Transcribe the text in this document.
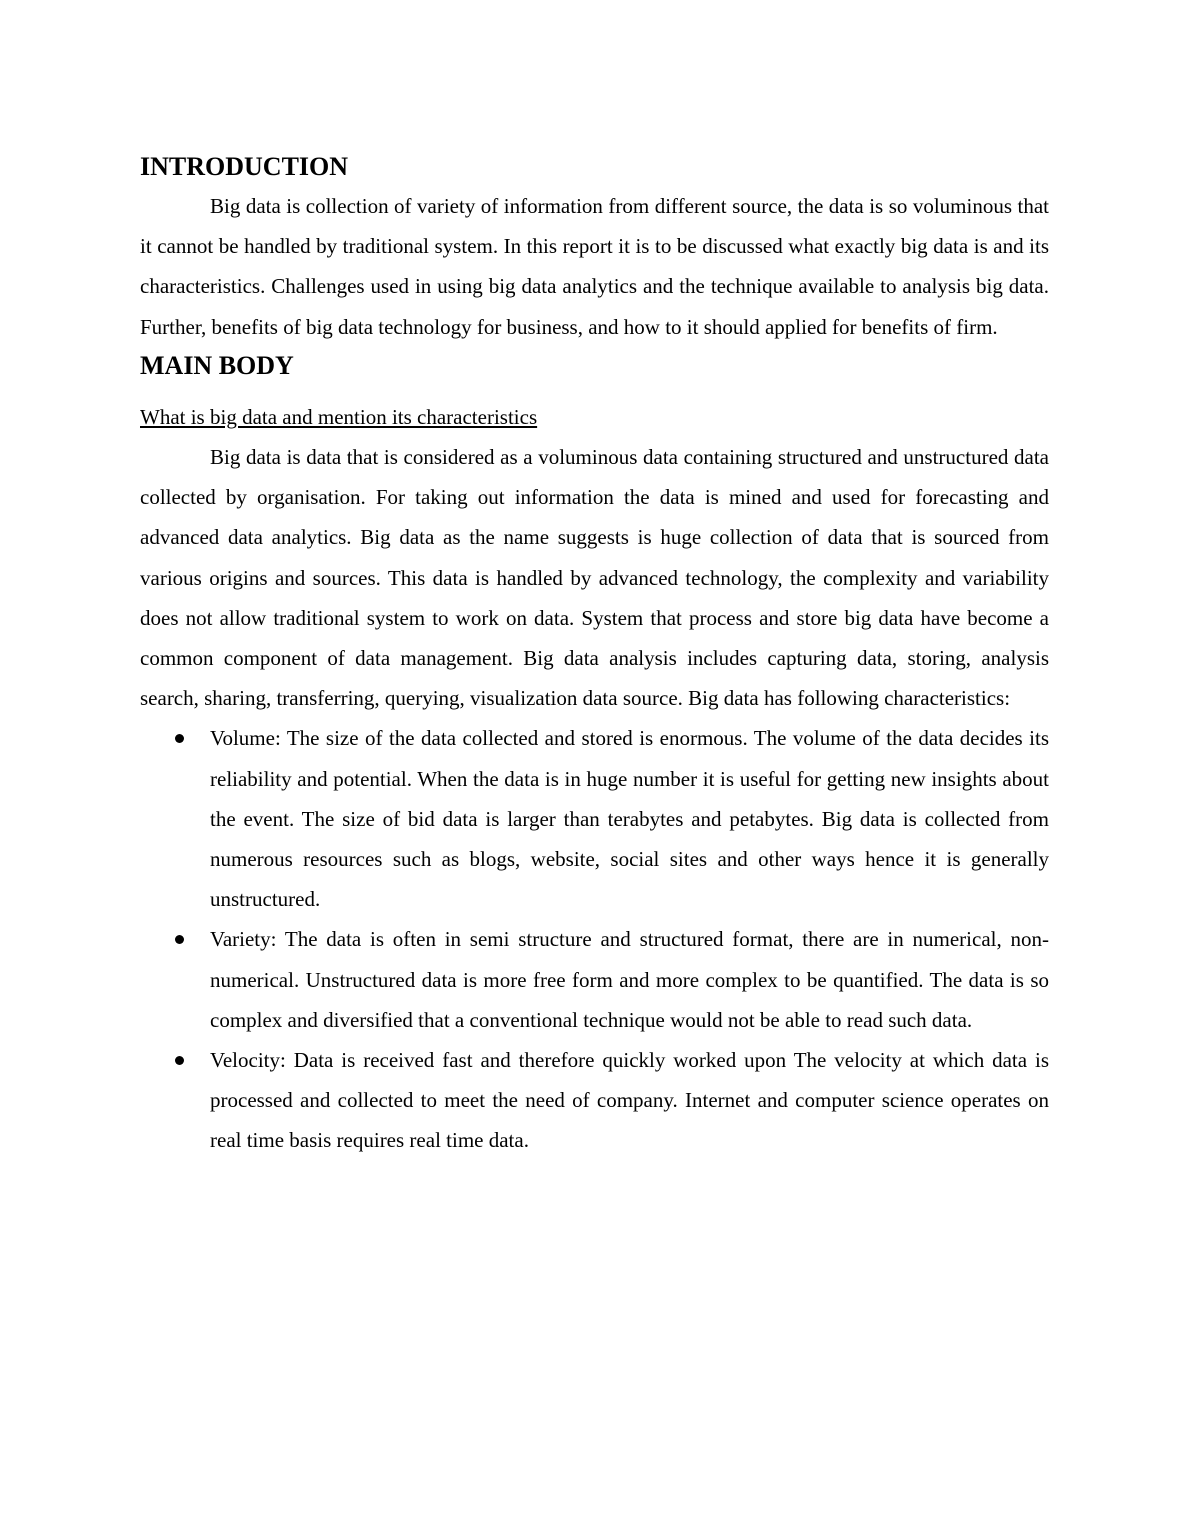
INTRODUCTION

Big data is collection of variety of information from different source, the data is so voluminous that it cannot be handled by traditional system. In this report it is to be discussed what exactly big data is and its characteristics. Challenges used in using big data analytics and the technique available to analysis big data. Further, benefits of big data technology for business, and how to it should applied for benefits of firm.

MAIN BODY
What is big data and mention its characteristics

Big data is data that is considered as a voluminous data containing structured and unstructured data collected by organisation. For taking out information the data is mined and used for forecasting and advanced data analytics. Big data as the name suggests is huge collection of data that is sourced from various origins and sources. This data is handled by advanced technology, the complexity and variability does not allow traditional system to work on data. System that process and store big data have become a common component of data management. Big data analysis includes capturing data, storing, analysis search, sharing, transferring, querying, visualization data source. Big data has following characteristics:

Volume: The size of the data collected and stored is enormous. The volume of the data decides its reliability and potential. When the data is in huge number it is useful for getting new insights about the event. The size of bid data is larger than terabytes and petabytes. Big data is collected from numerous resources such as blogs, website, social sites and other ways hence it is generally unstructured.
Variety: The data is often in semi structure and structured format, there are in numerical, non-numerical. Unstructured data is more free form and more complex to be quantified. The data is so complex and diversified that a conventional technique would not be able to read such data.
Velocity: Data is received fast and therefore quickly worked upon The velocity at which data is processed and collected to meet the need of company. Internet and computer science operates on real time basis requires real time data.
